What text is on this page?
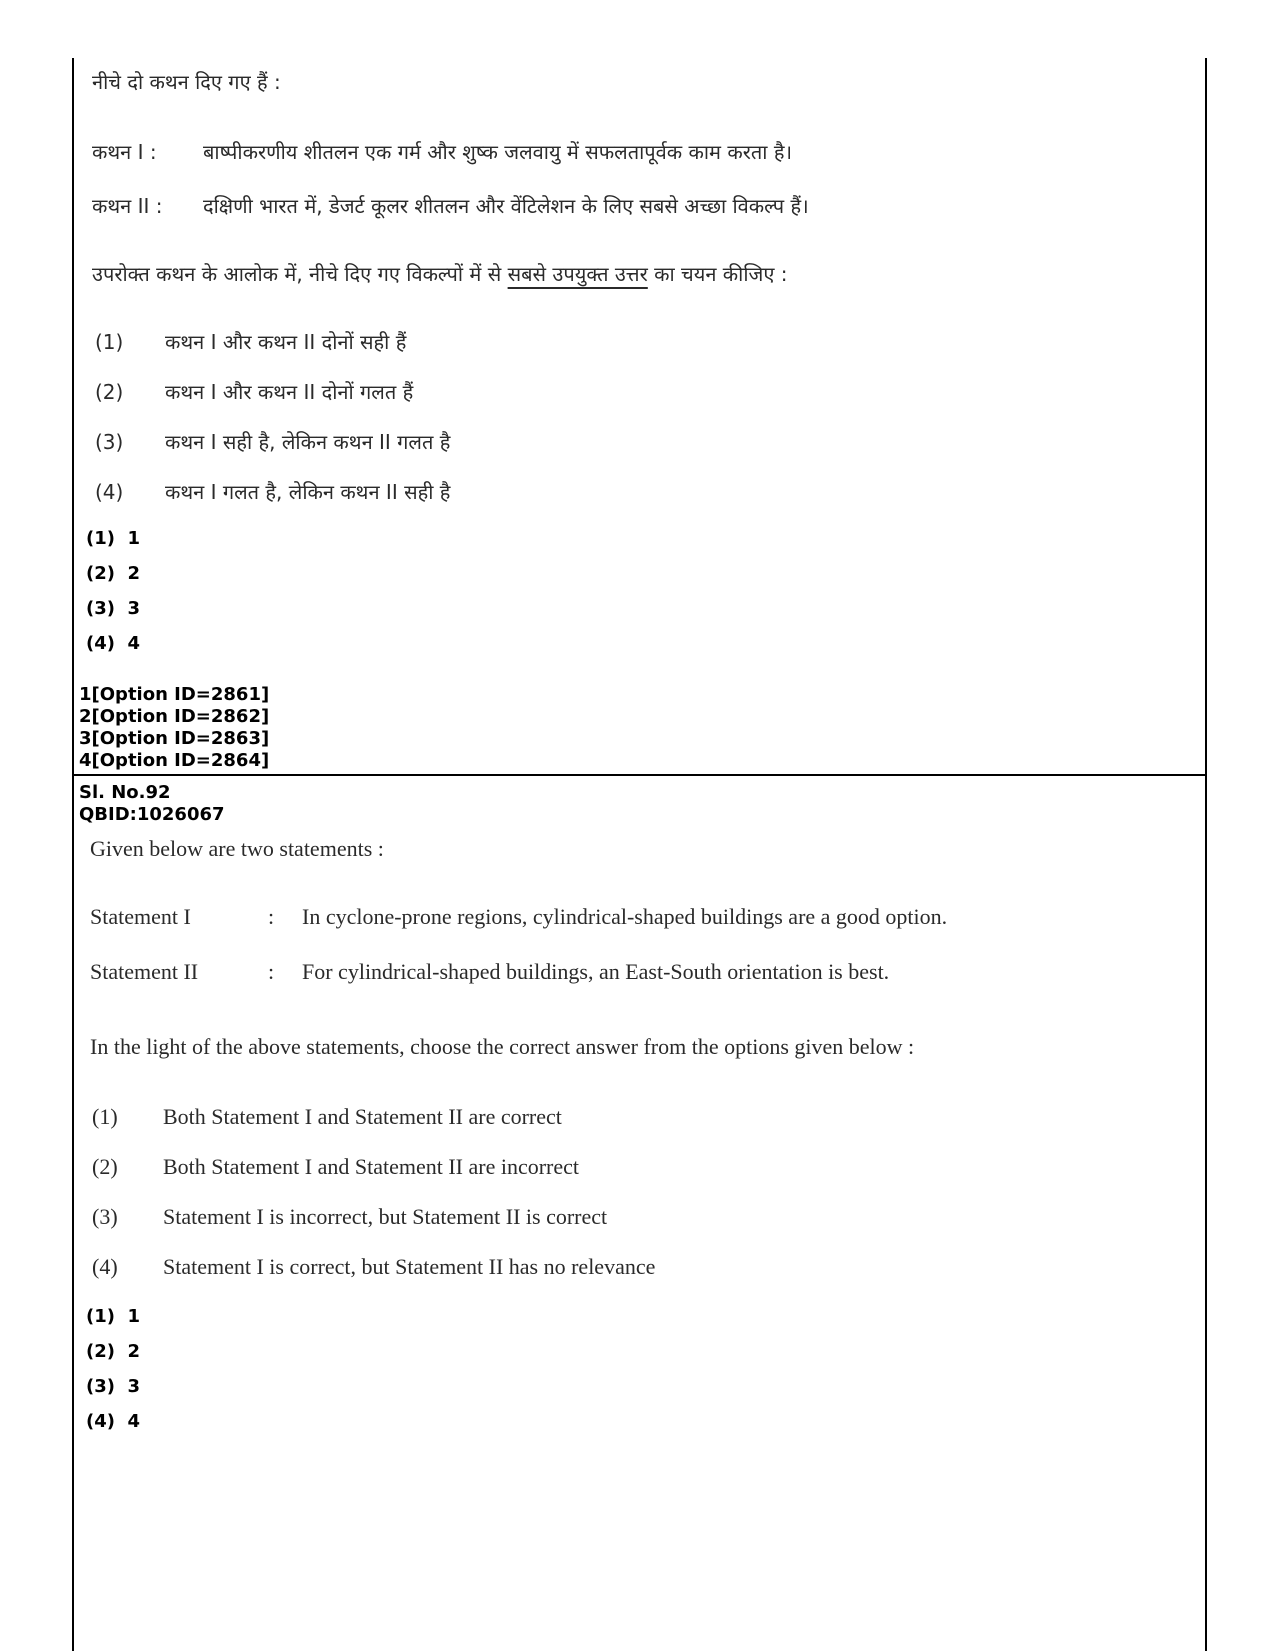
नीचे दो कथन दिए गए हैं :
कथन I : बाष्पीकरणीय शीतलन एक गर्म और शुष्क जलवायु में सफलतापूर्वक काम करता है।
कथन II : दक्षिणी भारत में, डेजर्ट कूलर शीतलन और वेंटिलेशन के लिए सबसे अच्छा विकल्प हैं।
उपरोक्त कथन के आलोक में, नीचे दिए गए विकल्पों में से सबसे उपयुक्त उत्तर का चयन कीजिए :
(1) कथन I और कथन II दोनों सही हैं
(2) कथन I और कथन II दोनों गलत हैं
(3) कथन I सही है, लेकिन कथन II गलत है
(4) कथन I गलत है, लेकिन कथन II सही है
(1) 1
(2) 2
(3) 3
(4) 4
1[Option ID=2861]
2[Option ID=2862]
3[Option ID=2863]
4[Option ID=2864]
Sl. No.92
QBID:1026067
Given below are two statements :
Statement I	: In cyclone-prone regions, cylindrical-shaped buildings are a good option.
Statement II	: For cylindrical-shaped buildings, an East-South orientation is best.
In the light of the above statements, choose the correct answer from the options given below :
(1) Both Statement I and Statement II are correct
(2) Both Statement I and Statement II are incorrect
(3) Statement I is incorrect, but Statement II is correct
(4) Statement I is correct, but Statement II has no relevance
(1) 1
(2) 2
(3) 3
(4) 4
